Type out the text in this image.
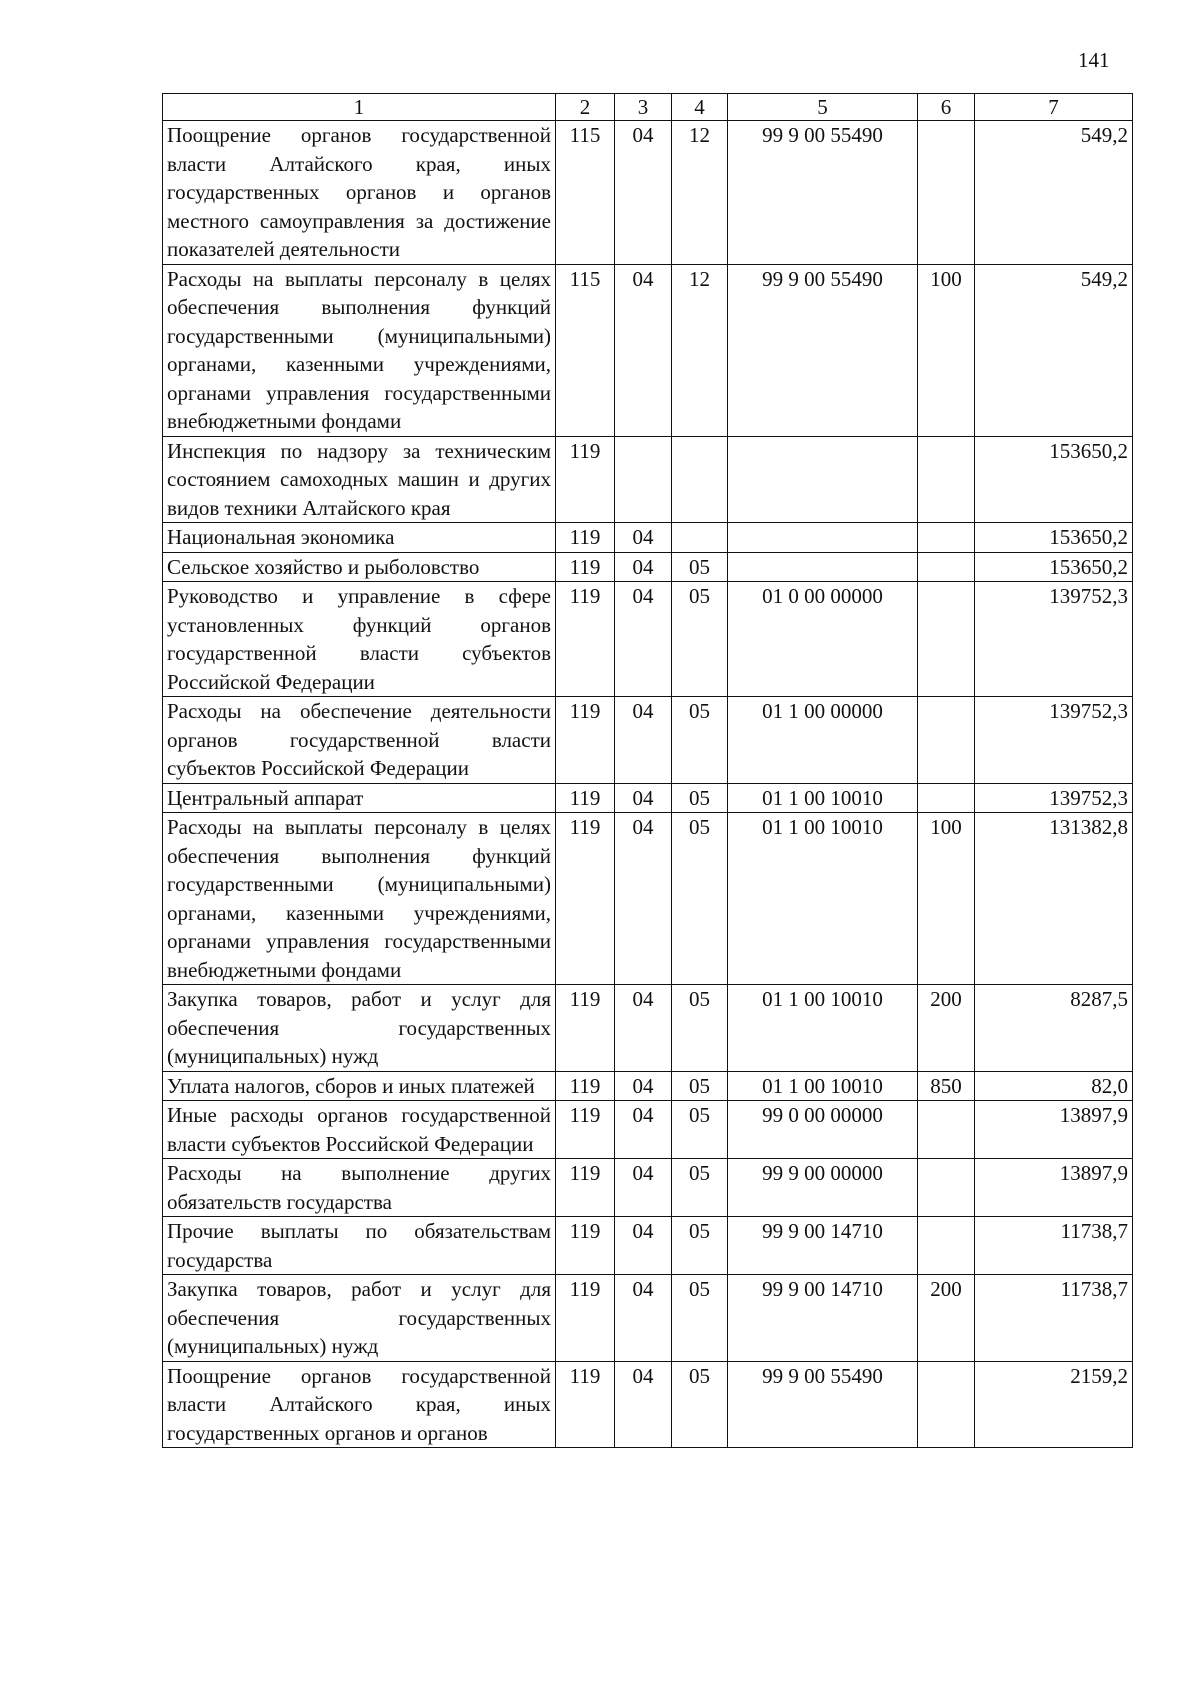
141
1	2	3	4	5	6	7
Поощрение органов государственной власти Алтайского края, иных государственных органов и органов местного самоуправления за достижение показателей деятельности	115	04	12	99 9 00 55490		549,2
Расходы на выплаты персоналу в целях обеспечения выполнения функций государственными (муниципальными) органами, казенными учреждениями, органами управления государственными внебюджетными фондами	115	04	12	99 9 00 55490	100	549,2
Инспекция по надзору за техническим состоянием самоходных машин и других видов техники Алтайского края	119					153650,2
Национальная экономика	119	04				153650,2
Сельское хозяйство и рыболовство	119	04	05			153650,2
Руководство и управление в сфере установленных функций органов государственной власти субъектов Российской Федерации	119	04	05	01 0 00 00000		139752,3
Расходы на обеспечение деятельности органов государственной власти субъектов Российской Федерации	119	04	05	01 1 00 00000		139752,3
Центральный аппарат	119	04	05	01 1 00 10010		139752,3
Расходы на выплаты персоналу в целях обеспечения выполнения функций государственными (муниципальными) органами, казенными учреждениями, органами управления государственными внебюджетными фондами	119	04	05	01 1 00 10010	100	131382,8
Закупка товаров, работ и услуг для обеспечения государственных (муниципальных) нужд	119	04	05	01 1 00 10010	200	8287,5
Уплата налогов, сборов и иных платежей	119	04	05	01 1 00 10010	850	82,0
Иные расходы органов государственной власти субъектов Российской Федерации	119	04	05	99 0 00 00000		13897,9
Расходы на выполнение других обязательств государства	119	04	05	99 9 00 00000		13897,9
Прочие выплаты по обязательствам государства	119	04	05	99 9 00 14710		11738,7
Закупка товаров, работ и услуг для обеспечения государственных (муниципальных) нужд	119	04	05	99 9 00 14710	200	11738,7
Поощрение органов государственной власти Алтайского края, иных государственных органов и органов	119	04	05	99 9 00 55490		2159,2
